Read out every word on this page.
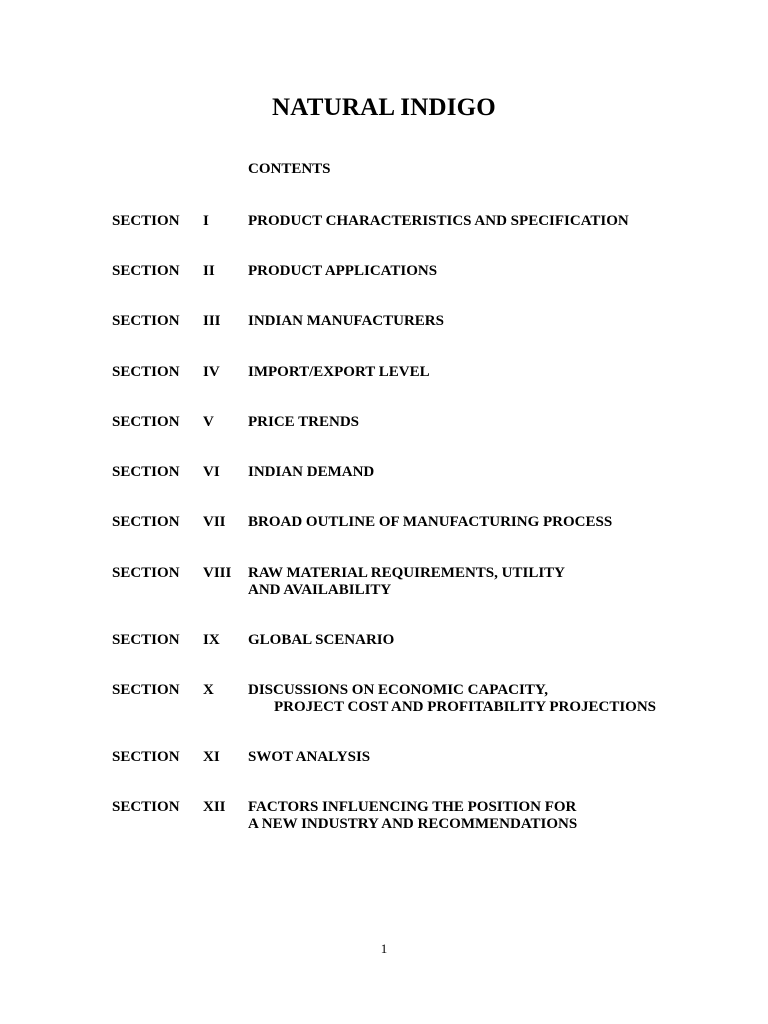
NATURAL INDIGO
CONTENTS
SECTION I	PRODUCT CHARACTERISTICS AND SPECIFICATION
SECTION II PRODUCT APPLICATIONS
SECTION III INDIAN MANUFACTURERS
SECTION IV IMPORT/EXPORT LEVEL
SECTION V PRICE TRENDS
SECTION VI INDIAN DEMAND
SECTION VII BROAD OUTLINE OF MANUFACTURING PROCESS
SECTION VIII RAW MATERIAL REQUIREMENTS, UTILITY
AND AVAILABILITY
SECTION IX GLOBAL SCENARIO
SECTION X DISCUSSIONS ON ECONOMIC CAPACITY,
PROJECT COST AND PROFITABILITY PROJECTIONS
SECTION XI SWOT ANALYSIS
SECTION XII FACTORS INFLUENCING THE POSITION FOR
A NEW INDUSTRY AND RECOMMENDATIONS
1
